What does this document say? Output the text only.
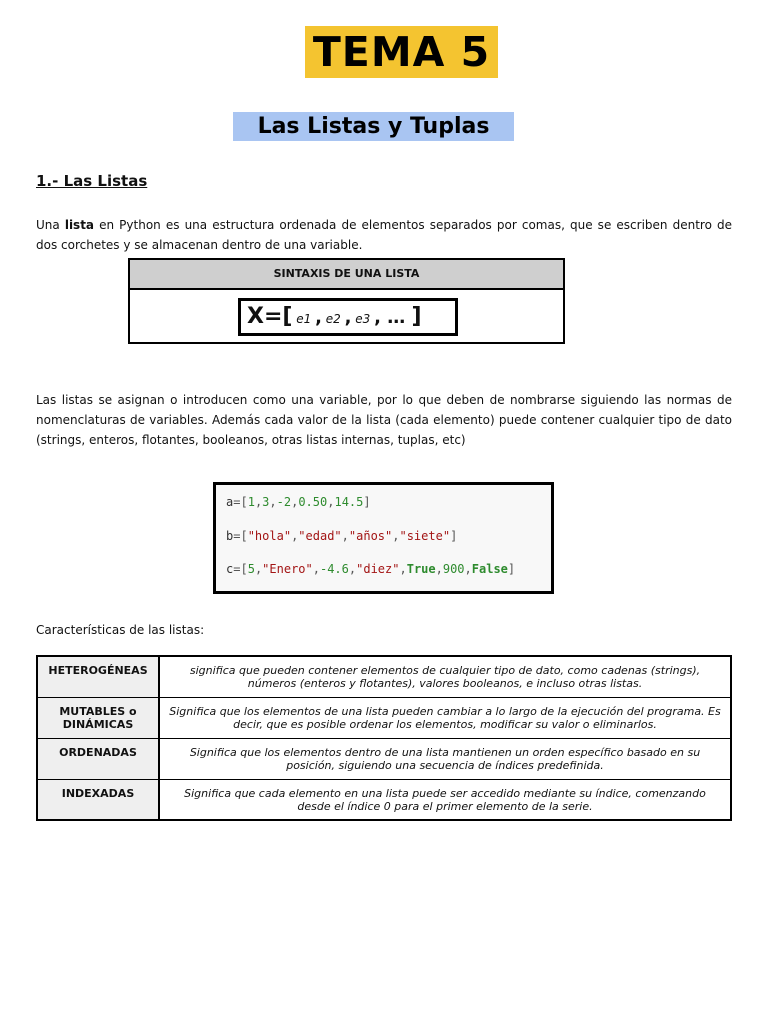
TEMA 5
Las Listas y Tuplas
1.- Las Listas
Una lista en Python es una estructura ordenada de elementos separados por comas, que se escriben dentro de dos corchetes y se almacenan dentro de una variable.
SINTAXIS DE UNA LISTA
X=[ e1 , e2 , e3 , … ]
Las listas se asignan o introducen como una variable, por lo que deben de nombrarse siguiendo las normas de nomenclaturas de variables. Además cada valor de la lista (cada elemento) puede contener cualquier tipo de dato (strings, enteros, flotantes, booleanos, otras listas internas, tuplas, etc)
a=[1,3,-2,0.50,14.5]
b=["hola","edad","años","siete"]
c=[5,"Enero",-4.6,"diez",True,900,False]
Características de las listas:
HETEROGÉNEAS	significa que pueden contener elementos de cualquier tipo de dato, como cadenas (strings), números (enteros y flotantes), valores booleanos, e incluso otras listas.
MUTABLES o DINÁMICAS	Significa que los elementos de una lista pueden cambiar a lo largo de la ejecución del programa. Es decir, que es posible ordenar los elementos, modificar su valor o eliminarlos.
ORDENADAS	Significa que los elementos dentro de una lista mantienen un orden específico basado en su posición, siguiendo una secuencia de índices predefinida.
INDEXADAS	Significa que cada elemento en una lista puede ser accedido mediante su índice, comenzando desde el índice 0 para el primer elemento de la serie.
